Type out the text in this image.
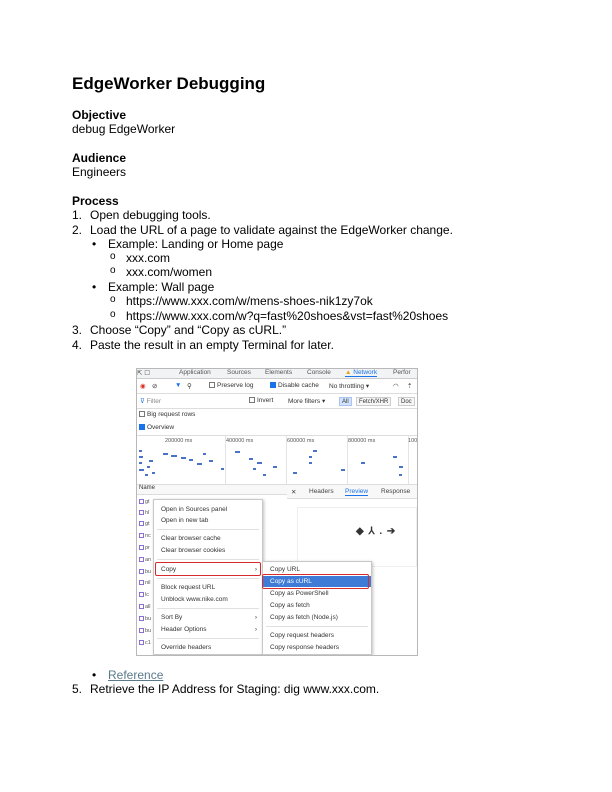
EdgeWorker Debugging

Objective

debug EdgeWorker

Audience

Engineers

Process

1. Open debugging tools.
2. Load the URL of a page to validate against the EdgeWorker change.
• Example: Landing or Home page
o xxx.com
o xxx.com/women
• Example: Wall page
o https://www.xxx.com/w/mens-shoes-nik1zy7ok
o https://www.xxx.com/w?q=fast%20shoes&vst=fast%20shoes
3. Choose “Copy” and “Copy as cURL.”
4. Paste the result in an empty Terminal for later.
⇱ ☐	Application Sources Elements Console ▲ Network Perfor
◉ ⊘	▼ ⚲	Preserve log	Disable cache No throttling ▾	◠ ⇡
⊽ Filter	Invert More filters ▾	All	Fetch/XHR	Doc
Big request rows
Overview
200000 ms	400000 ms	600000 ms	800000 ms	100
Name
gt
hl
gt
nc
pr
an
bu
nil
lc
all
bu
bu
c1
✕ Headers Preview Response
◆ ⅄ . ➔
Open in Sources panel
Open in new tab
Clear browser cache
Clear browser cookies
Copy	›
Block request URL
Unblock www.nike.com
Sort By	›
Header Options	›
Override headers
Copy URL
Copy as cURL
Copy as PowerShell
Copy as fetch
Copy as fetch (Node.js)
Copy request headers
Copy response headers
• Reference
5. Retrieve the IP Address for Staging: dig www.xxx.com.
